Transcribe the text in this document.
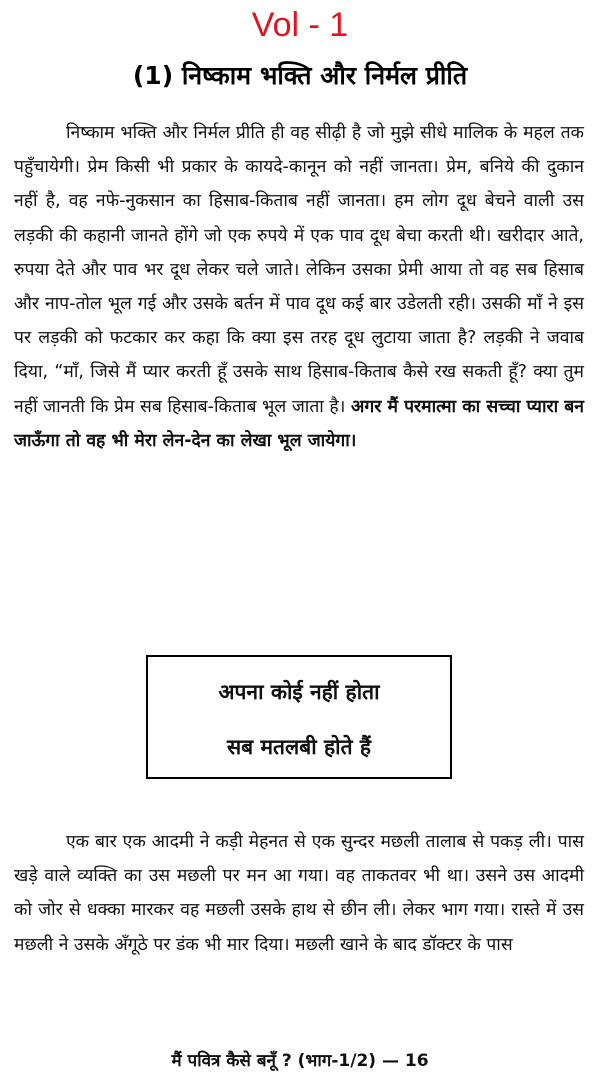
Vol - 1
(1) निष्काम भक्ति और निर्मल प्रीति

निष्काम भक्ति और निर्मल प्रीति ही वह सीढ़ी है जो मुझे सीधे मालिक के महल तक पहुँचायेगी। प्रेम किसी भी प्रकार के कायदे-कानून को नहीं जानता। प्रेम, बनिये की दुकान नहीं है, वह नफे-नुकसान का हिसाब-किताब नहीं जानता। हम लोग दूध बेचने वाली उस लड़की की कहानी जानते होंगे जो एक रुपये में एक पाव दूध बेचा करती थी। खरीदार आते, रुपया देते और पाव भर दूध लेकर चले जाते। लेकिन उसका प्रेमी आया तो वह सब हिसाब और नाप-तोल भूल गई और उसके बर्तन में पाव दूध कई बार उडेलती रही। उसकी माँ ने इस पर लड़की को फटकार कर कहा कि क्या इस तरह दूध लुटाया जाता है? लड़की ने जवाब दिया, “माँ, जिसे मैं प्यार करती हूँ उसके साथ हिसाब-किताब कैसे रख सकती हूँ? क्या तुम नहीं जानती कि प्रेम सब हिसाब-किताब भूल जाता है। अगर मैं परमात्मा का सच्चा प्यारा बन जाऊँगा तो वह भी मेरा लेन-देन का लेखा भूल जायेगा।

अपना कोई नहीं होता
सब मतलबी होते हैं

एक बार एक आदमी ने कड़ी मेहनत से एक सुन्दर मछली तालाब से पकड़ ली। पास खड़े वाले व्यक्ति का उस मछली पर मन आ गया। वह ताकतवर भी था। उसने उस आदमी को जोर से धक्का मारकर वह मछली उसके हाथ से छीन ली। लेकर भाग गया। रास्ते में उस मछली ने उसके अँगूठे पर डंक भी मार दिया। मछली खाने के बाद डॉक्टर के पास

मैं पवित्र कैसे बनूँ ? (भाग-1/2) — 16
